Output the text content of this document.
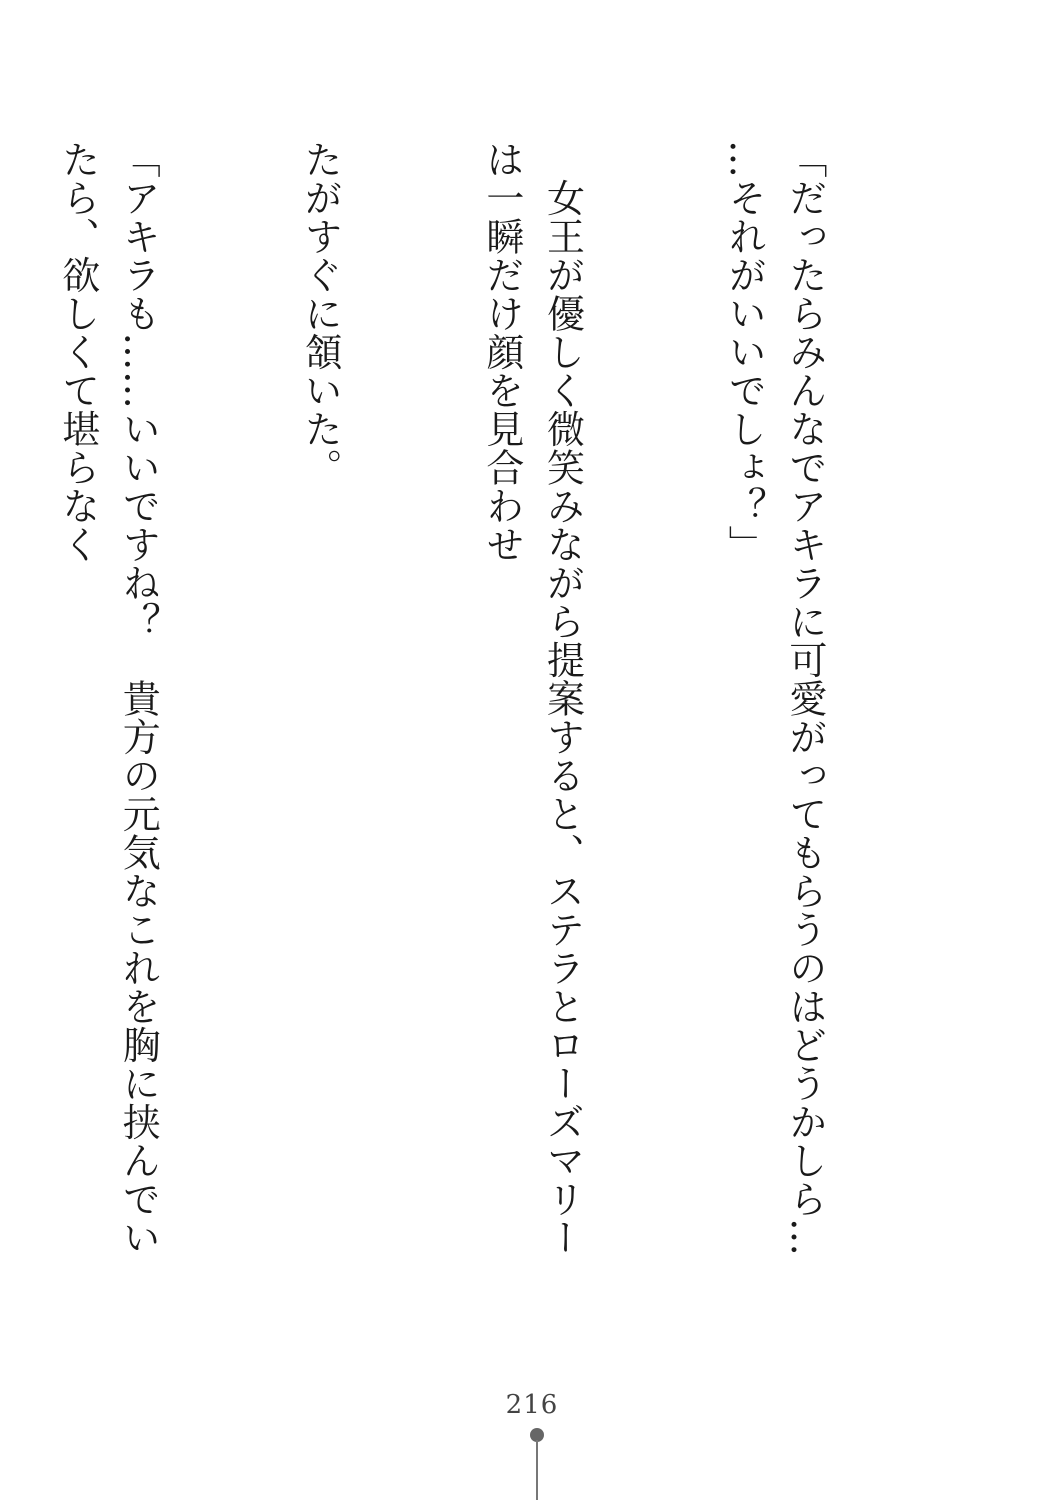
「だったらみんなでアキラに可愛がってもらうのはどうかしら……それがいいでしょ？」

　女王が優しく微笑みながら提案すると、ステラとローズマリーは一瞬だけ顔を見合わせ

たがすぐに頷いた。

「アキラも……いいですね？　貴方の元気なこれを胸に挟んでいたら、欲しくて堪らなく

216
